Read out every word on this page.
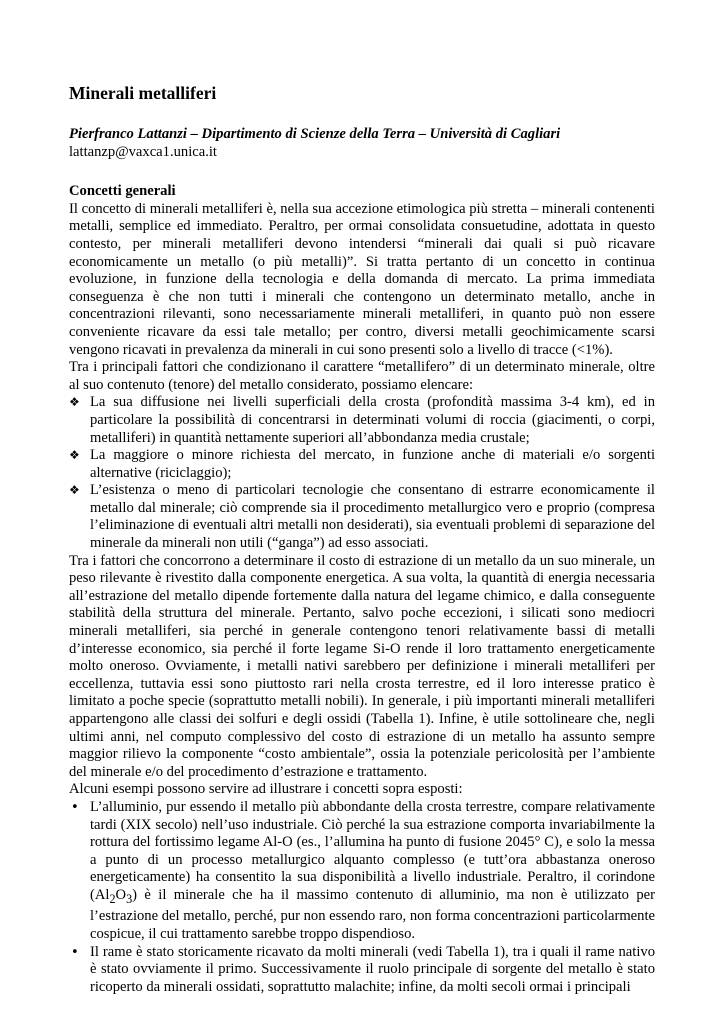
Minerali metalliferi

Pierfranco Lattanzi – Dipartimento di Scienze della Terra – Università di Cagliari

lattanzp@vaxca1.unica.it

Concetti generali

Il concetto di minerali metalliferi è, nella sua accezione etimologica più stretta – minerali contenenti metalli, semplice ed immediato. Peraltro, per ormai consolidata consuetudine, adottata in questo contesto, per minerali metalliferi devono intendersi “minerali dai quali si può ricavare economicamente un metallo (o più metalli)”. Si tratta pertanto di un concetto in continua evoluzione, in funzione della tecnologia e della domanda di mercato. La prima immediata conseguenza è che non tutti i minerali che contengono un determinato metallo, anche in concentrazioni rilevanti, sono necessariamente minerali metalliferi, in quanto può non essere conveniente ricavare da essi tale metallo; per contro, diversi metalli geochimicamente scarsi vengono ricavati in prevalenza da minerali in cui sono presenti solo a livello di tracce (<1%).

Tra i principali fattori che condizionano il carattere “metallifero” di un determinato minerale, oltre al suo contenuto (tenore) del metallo considerato, possiamo elencare:

❖ La sua diffusione nei livelli superficiali della crosta (profondità massima 3-4 km), ed in particolare la possibilità di concentrarsi in determinati volumi di roccia (giacimenti, o corpi, metalliferi) in quantità nettamente superiori all’abbondanza media crustale;
❖ La maggiore o minore richiesta del mercato, in funzione anche di materiali e/o sorgenti alternative (riciclaggio);
❖ L’esistenza o meno di particolari tecnologie che consentano di estrarre economicamente il metallo dal minerale; ciò comprende sia il procedimento metallurgico vero e proprio (compresa l’eliminazione di eventuali altri metalli non desiderati), sia eventuali problemi di separazione del minerale da minerali non utili (“ganga”) ad esso associati.

Tra i fattori che concorrono a determinare il costo di estrazione di un metallo da un suo minerale, un peso rilevante è rivestito dalla componente energetica. A sua volta, la quantità di energia necessaria all’estrazione del metallo dipende fortemente dalla natura del legame chimico, e dalla conseguente stabilità della struttura del minerale. Pertanto, salvo poche eccezioni, i silicati sono mediocri minerali metalliferi, sia perché in generale contengono tenori relativamente bassi di metalli d’interesse economico, sia perché il forte legame Si-O rende il loro trattamento energeticamente molto oneroso. Ovviamente, i metalli nativi sarebbero per definizione i minerali metalliferi per eccellenza, tuttavia essi sono piuttosto rari nella crosta terrestre, ed il loro interesse pratico è limitato a poche specie (soprattutto metalli nobili). In generale, i più importanti minerali metalliferi appartengono alle classi dei solfuri e degli ossidi (Tabella 1). Infine, è utile sottolineare che, negli ultimi anni, nel computo complessivo del costo di estrazione di un metallo ha assunto sempre maggior rilievo la componente “costo ambientale”, ossia la potenziale pericolosità per l’ambiente del minerale e/o del procedimento d’estrazione e trattamento.

Alcuni esempi possono servire ad illustrare i concetti sopra esposti:

• L’alluminio, pur essendo il metallo più abbondante della crosta terrestre, compare relativamente tardi (XIX secolo) nell’uso industriale. Ciò perché la sua estrazione comporta invariabilmente la rottura del fortissimo legame Al-O (es., l’allumina ha punto di fusione 2045° C), e solo la messa a punto di un processo metallurgico alquanto complesso (e tutt’ora abbastanza oneroso energeticamente) ha consentito la sua disponibilità a livello industriale. Peraltro, il corindone $(Al_2O_3)$ è il minerale che ha il massimo contenuto di alluminio, ma non è utilizzato per l’estrazione del metallo, perché, pur non essendo raro, non forma concentrazioni particolarmente cospicue, il cui trattamento sarebbe troppo dispendioso.
• Il rame è stato storicamente ricavato da molti minerali (vedi Tabella 1), tra i quali il rame nativo è stato ovviamente il primo. Successivamente il ruolo principale di sorgente del metallo è stato ricoperto da minerali ossidati, soprattutto malachite; infine, da molti secoli ormai i principali
